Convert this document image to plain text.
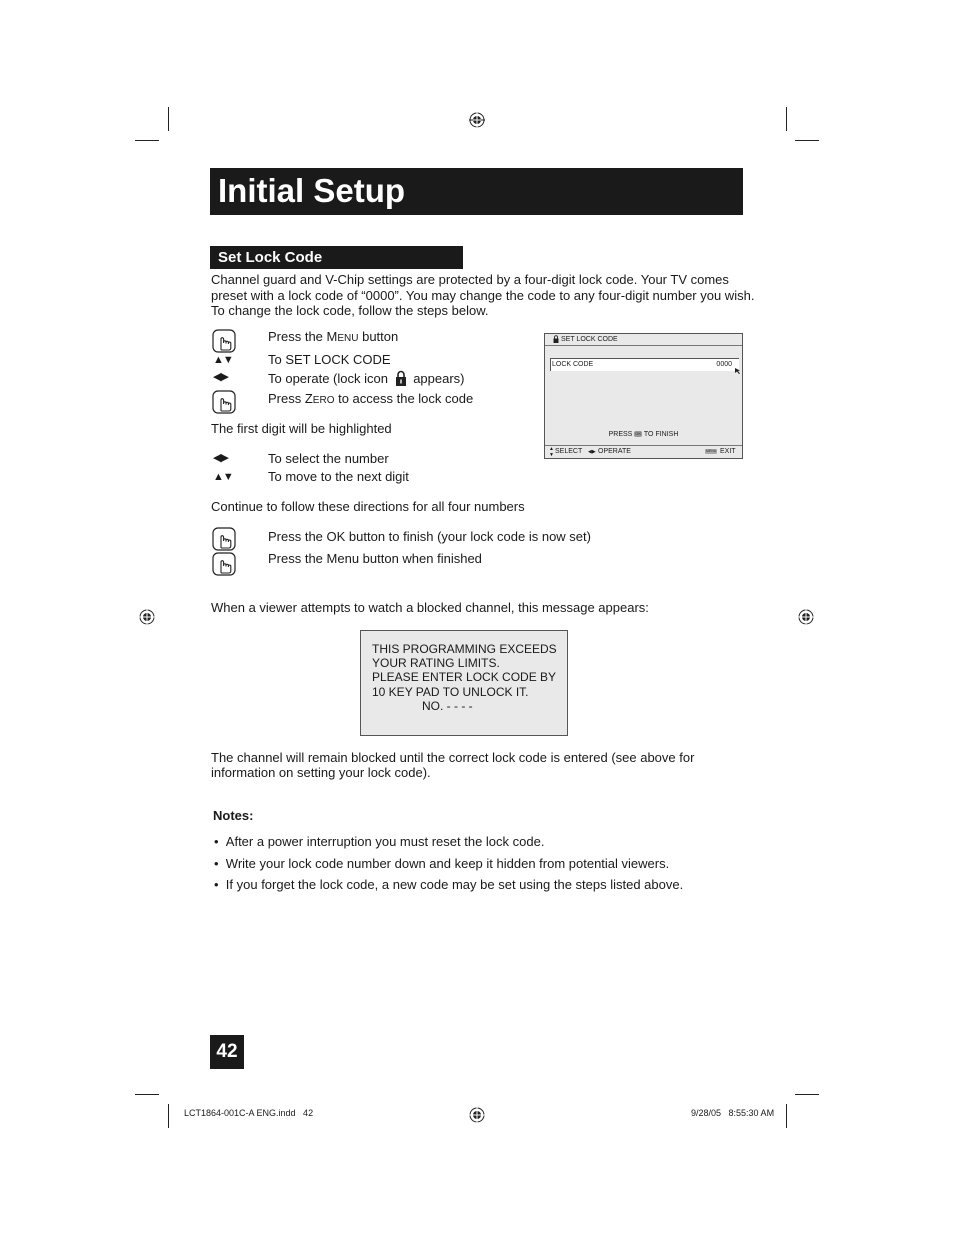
Initial Setup
Set Lock Code
Channel guard and V-Chip settings are protected by a four-digit lock code. Your TV comes
preset with a lock code of “0000”. You may change the code to any four-digit number you wish.
To change the lock code, follow the steps below.
Press the MENU button
▲▼	To SET LOCK CODE
◀▶	To operate (lock icon appears)
Press ZERO to access the lock code
The first digit will be highlighted
◀▶	To select the number
▲▼	To move to the next digit
Continue to follow these directions for all four numbers
Press the OK button to finish (your lock code is now set)
Press the Menu button when finished
SET LOCK CODE
LOCK CODE	0000
PRESS OK TO FINISH
▲
▼ SELECT ◀▶ OPERATE	MENU EXIT
When a viewer attempts to watch a blocked channel, this message appears:
THIS PROGRAMMING EXCEEDS
YOUR RATING LIMITS.
PLEASE ENTER LOCK CODE BY
10 KEY PAD TO UNLOCK IT.
NO. - - - -
The channel will remain blocked until the correct lock code is entered (see above for
information on setting your lock code).
Notes:
•  After a power interruption you must reset the lock code.
•  Write your lock code number down and keep it hidden from potential viewers.
•  If you forget the lock code, a new code may be set using the steps listed above.
42
LCT1864-001C-A ENG.indd   42	9/28/05   8:55:30 AM
